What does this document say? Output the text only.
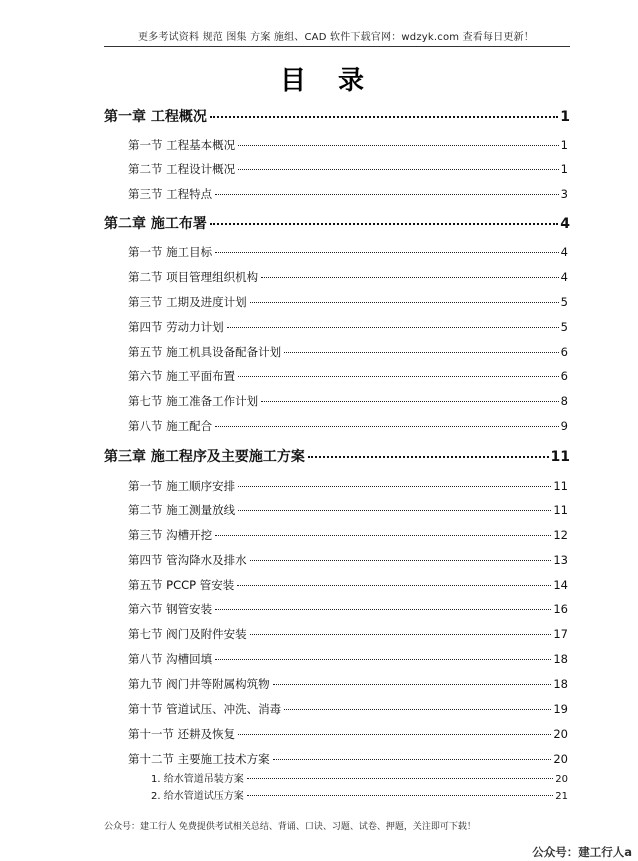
更多考试资料 规范 图集 方案 施组、CAD 软件下载官网：wdzyk.com 查看每日更新！
目录
第一章 工程概况	1
第一节 工程基本概况	1
第二节 工程设计概况	1
第三节 工程特点	3
第二章 施工布署	4
第一节 施工目标	4
第二节 项目管理组织机构	4
第三节 工期及进度计划	5
第四节 劳动力计划	5
第五节 施工机具设备配备计划	6
第六节 施工平面布置	6
第七节 施工准备工作计划	8
第八节 施工配合	9
第三章 施工程序及主要施工方案	11
第一节 施工顺序安排	11
第二节 施工测量放线	11
第三节 沟槽开挖	12
第四节 管沟降水及排水	13
第五节 PCCP 管安装	14
第六节 钢管安装	16
第七节 阀门及附件安装	17
第八节 沟槽回填	18
第九节 阀门井等附属构筑物	18
第十节 管道试压、冲洗、消毒	19
第十一节 还耕及恢复	20
第十二节 主要施工技术方案	20
1. 给水管道吊装方案	20
2. 给水管道试压方案	21
公众号：建工行人 免费提供考试相关总结、背诵、口诀、习题、试卷、押题，关注即可下载！
公众号：建工行人a
